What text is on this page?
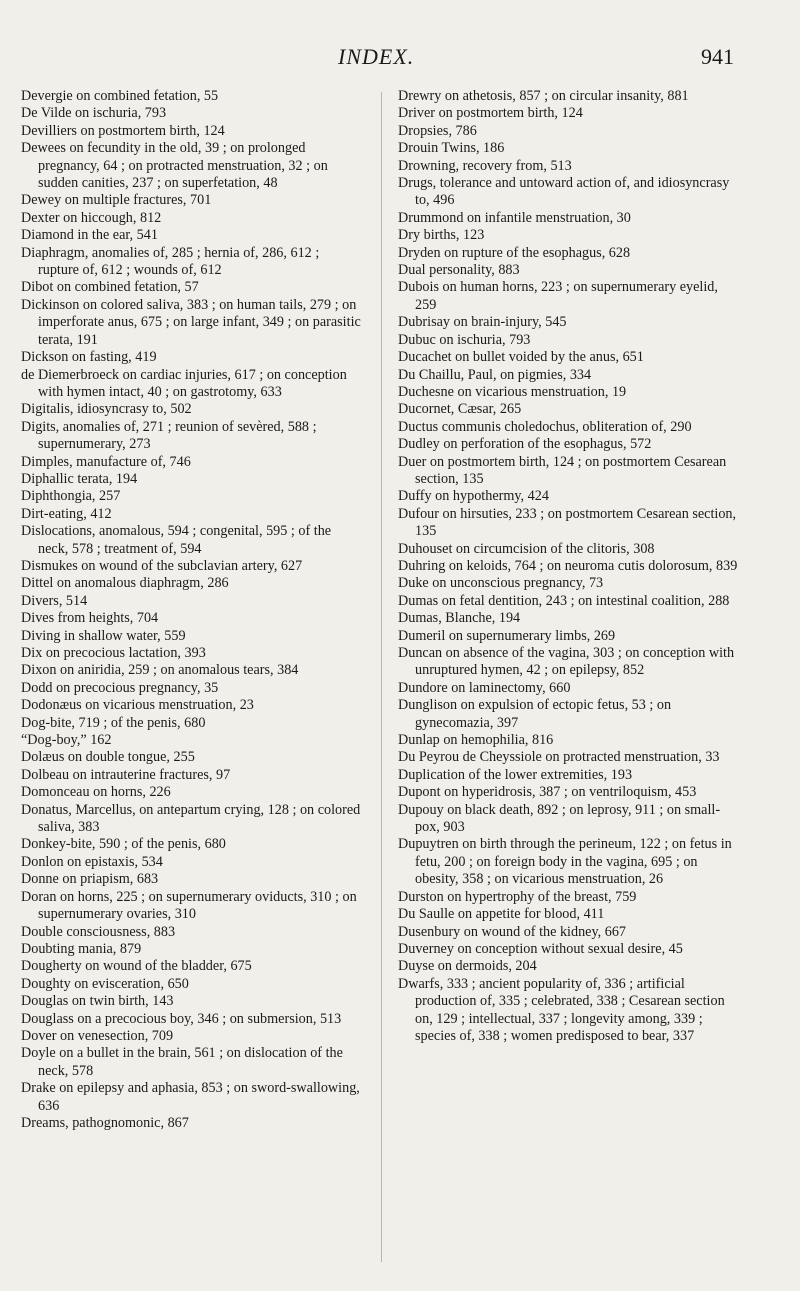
INDEX.	941

Devergie on combined fetation, 55

De Vilde on ischuria, 793

Devilliers on postmortem birth, 124

Dewees on fecundity in the old, 39 ; on prolonged pregnancy, 64 ; on protracted menstruation, 32 ; on sudden canities, 237 ; on superfetation, 48

Dewey on multiple fractures, 701

Dexter on hiccough, 812

Diamond in the ear, 541

Diaphragm, anomalies of, 285 ; hernia of, 286, 612 ; rupture of, 612 ; wounds of, 612

Dibot on combined fetation, 57

Dickinson on colored saliva, 383 ; on human tails, 279 ; on imperforate anus, 675 ; on large infant, 349 ; on parasitic terata, 191

Dickson on fasting, 419

de Diemerbroeck on cardiac injuries, 617 ; on conception with hymen intact, 40 ; on gastrotomy, 633

Digitalis, idiosyncrasy to, 502

Digits, anomalies of, 271 ; reunion of sevѐred, 588 ; supernumerary, 273

Dimples, manufacture of, 746

Diphallic terata, 194

Diphthongia, 257

Dirt-eating, 412

Dislocations, anomalous, 594 ; congenital, 595 ; of the neck, 578 ; treatment of, 594

Dismukes on wound of the subclavian artery, 627

Dittel on anomalous diaphragm, 286

Divers, 514

Dives from heights, 704

Diving in shallow water, 559

Dix on precocious lactation, 393

Dixon on aniridia, 259 ; on anomalous tears, 384

Dodd on precocious pregnancy, 35

Dodonæus on vicarious menstruation, 23

Dog-bite, 719 ; of the penis, 680

“Dog-boy,” 162

Dolæus on double tongue, 255

Dolbeau on intrauterine fractures, 97

Domonceau on horns, 226

Donatus, Marcellus, on antepartum crying, 128 ; on colored saliva, 383

Donkey-bite, 590 ; of the penis, 680

Donlon on epistaxis, 534

Donne on priapism, 683

Doran on horns, 225 ; on supernumerary oviducts, 310 ; on supernumerary ovaries, 310

Double consciousness, 883

Doubting mania, 879

Dougherty on wound of the bladder, 675

Doughty on evisceration, 650

Douglas on twin birth, 143

Douglass on a precocious boy, 346 ; on submersion, 513

Dover on venesection, 709

Doyle on a bullet in the brain, 561 ; on dislocation of the neck, 578

Drake on epilepsy and aphasia, 853 ; on sword-swallowing, 636

Dreams, pathognomonic, 867

Drewry on athetosis, 857 ; on circular insanity, 881

Driver on postmortem birth, 124

Dropsies, 786

Drouin Twins, 186

Drowning, recovery from, 513

Drugs, tolerance and untoward action of, and idiosyncrasy to, 496

Drummond on infantile menstruation, 30

Dry births, 123

Dryden on rupture of the esophagus, 628

Dual personality, 883

Dubois on human horns, 223 ; on supernumerary eyelid, 259

Dubrisay on brain-injury, 545

Dubuc on ischuria, 793

Ducachet on bullet voided by the anus, 651

Du Chaillu, Paul, on pigmies, 334

Duchesne on vicarious menstruation, 19

Ducornet, Cæsar, 265

Ductus communis choledochus, obliteration of, 290

Dudley on perforation of the esophagus, 572

Duer on postmortem birth, 124 ; on postmortem Cesarean section, 135

Duffy on hypothermy, 424

Dufour on hirsuties, 233 ; on postmortem Cesarean section, 135

Duhouset on circumcision of the clitoris, 308

Duhring on keloids, 764 ; on neuroma cutis dolorosum, 839

Duke on unconscious pregnancy, 73

Dumas on fetal dentition, 243 ; on intestinal coalition, 288

Dumas, Blanche, 194

Dumeril on supernumerary limbs, 269

Duncan on absence of the vagina, 303 ; on conception with unruptured hymen, 42 ; on epilepsy, 852

Dundore on laminectomy, 660

Dunglison on expulsion of ectopic fetus, 53 ; on gynecomazia, 397

Dunlap on hemophilia, 816

Du Peyrou de Cheyssiole on protracted menstruation, 33

Duplication of the lower extremities, 193

Dupont on hyperidrosis, 387 ; on ventriloquism, 453

Dupouy on black death, 892 ; on leprosy, 911 ; on small-pox, 903

Dupuytren on birth through the perineum, 122 ; on fetus in fetu, 200 ; on foreign body in the vagina, 695 ; on obesity, 358 ; on vicarious menstruation, 26

Durston on hypertrophy of the breast, 759

Du Saulle on appetite for blood, 411

Dusenbury on wound of the kidney, 667

Duverney on conception without sexual desire, 45

Duyse on dermoids, 204

Dwarfs, 333 ; ancient popularity of, 336 ; artificial production of, 335 ; celebrated, 338 ; Cesarean section on, 129 ; intellectual, 337 ; longevity among, 339 ; species of, 338 ; women predisposed to bear, 337
